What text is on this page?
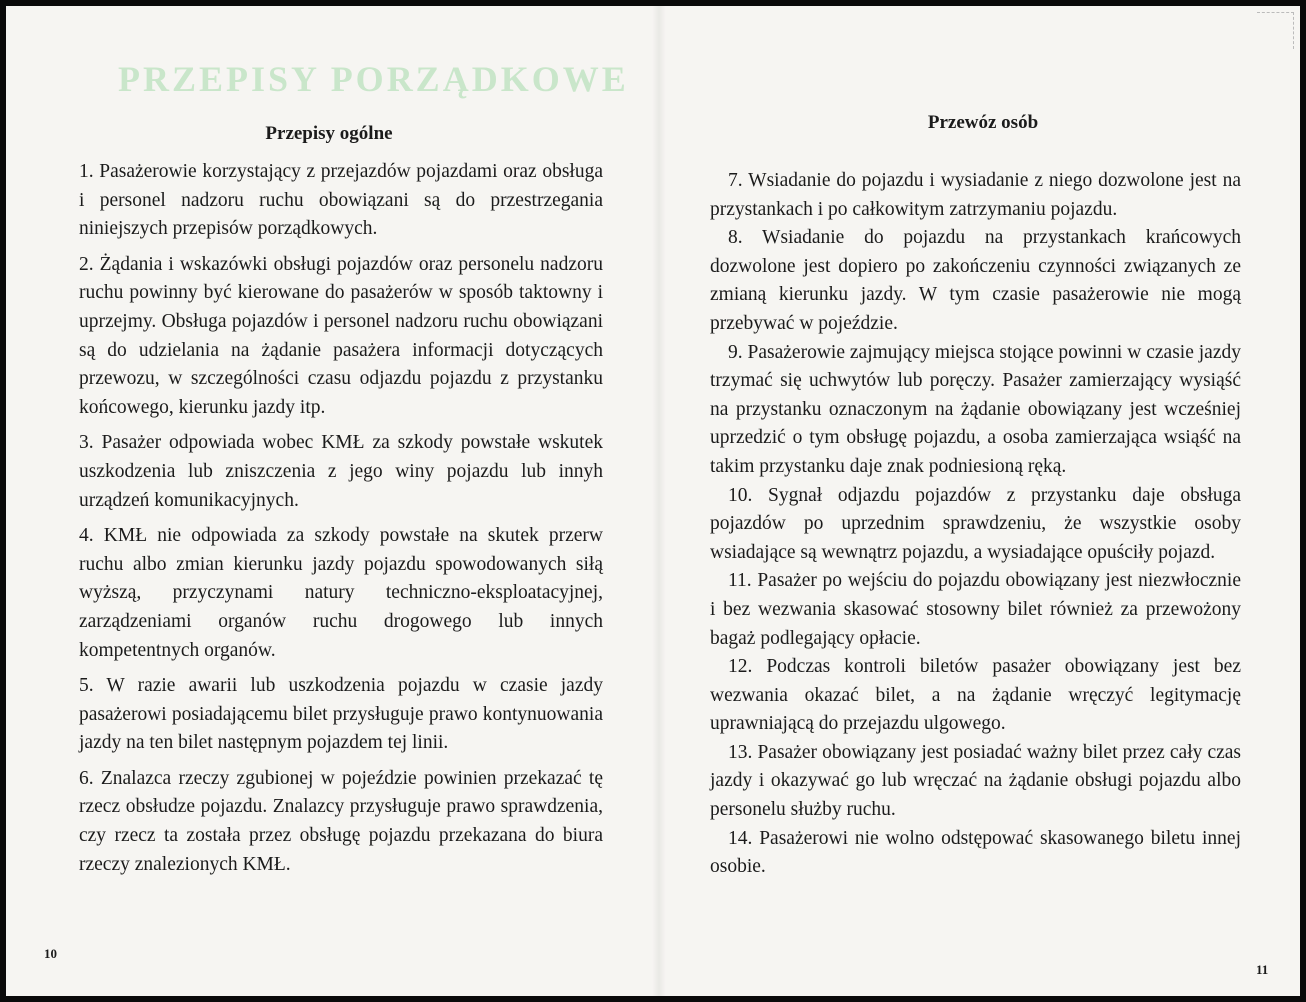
PRZEPISY PORZĄDKOWE
Przepisy ogólne

1. Pasażerowie korzystający z przejazdów pojazdami oraz obsługa i personel nadzoru ruchu obowiązani są do przestrzegania niniejszych przepisów porządkowych.

2. Żądania i wskazówki obsługi pojazdów oraz personelu nadzoru ruchu powinny być kierowane do pasażerów w sposób taktowny i uprzejmy. Obsługa pojazdów i personel nadzoru ruchu obowiązani są do udzielania na żądanie pasażera informacji dotyczących przewozu, w szczególności czasu odjazdu pojazdu z przystanku końcowego, kierunku jazdy itp.

3. Pasażer odpowiada wobec KMŁ za szkody powstałe wskutek uszkodzenia lub zniszczenia z jego winy pojazdu lub innyh urządzeń komunikacyjnych.

4. KMŁ nie odpowiada za szkody powstałe na skutek przerw ruchu albo zmian kierunku jazdy pojazdu spowodowanych siłą wyższą, przyczynami natury techniczno-eksploatacyjnej, zarządzeniami organów ruchu drogowego lub innych kompetentnych organów.

5. W razie awarii lub uszkodzenia pojazdu w czasie jazdy pasażerowi posiadającemu bilet przysługuje prawo kontynuowania jazdy na ten bilet następnym pojazdem tej linii.

6. Znalazca rzeczy zgubionej w pojeździe powinien przekazać tę rzecz obsłudze pojazdu. Znalazcy przysługuje prawo sprawdzenia, czy rzecz ta została przez obsługę pojazdu przekazana do biura rzeczy znalezionych KMŁ.

10
Przewóz osób

7. Wsiadanie do pojazdu i wysiadanie z niego dozwolone jest na przystankach i po całkowitym zatrzymaniu pojazdu.

8. Wsiadanie do pojazdu na przystankach krańcowych dozwolone jest dopiero po zakończeniu czynności związanych ze zmianą kierunku jazdy. W tym czasie pasażerowie nie mogą przebywać w pojeździe.

9. Pasażerowie zajmujący miejsca stojące powinni w czasie jazdy trzymać się uchwytów lub poręczy. Pasażer zamierzający wysiąść na przystanku oznaczonym na żądanie obowiązany jest wcześniej uprzedzić o tym obsługę pojazdu, a osoba zamierzająca wsiąść na takim przystanku daje znak podniesioną ręką.

10. Sygnał odjazdu pojazdów z przystanku daje obsługa pojazdów po uprzednim sprawdzeniu, że wszystkie osoby wsiadające są wewnątrz pojazdu, a wysiadające opuściły pojazd.

11. Pasażer po wejściu do pojazdu obowiązany jest niezwłocznie i bez wezwania skasować stosowny bilet również za przewożony bagaż podlegający opłacie.

12. Podczas kontroli biletów pasażer obowiązany jest bez wezwania okazać bilet, a na żądanie wręczyć legitymację uprawniającą do przejazdu ulgowego.

13. Pasażer obowiązany jest posiadać ważny bilet przez cały czas jazdy i okazywać go lub wręczać na żądanie obsługi pojazdu albo personelu służby ruchu.

14. Pasażerowi nie wolno odstępować skasowanego biletu innej osobie.

11
